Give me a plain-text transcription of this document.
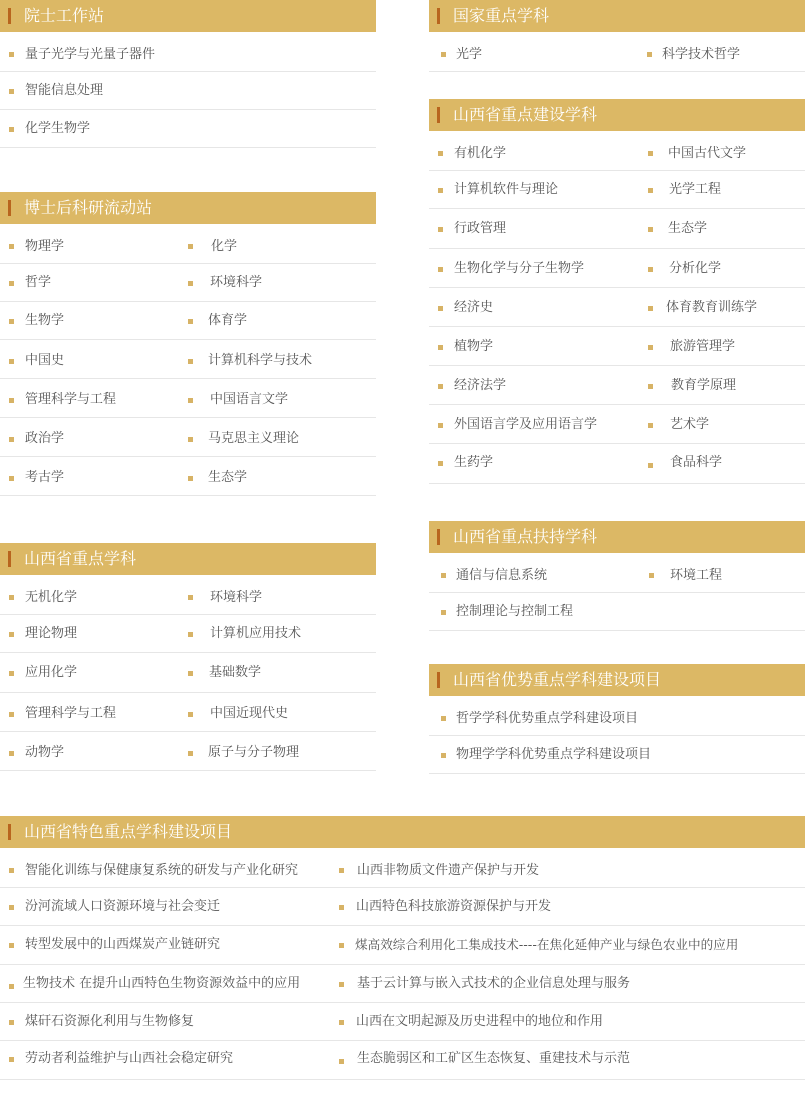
院士工作站
量子光学与光量子器件
智能信息处理
化学生物学
博士后科研流动站
物理学	化学
哲学	环境科学
生物学	体育学
中国史	计算机科学与技术
管理科学与工程	中国语言文学
政治学	马克思主义理论
考古学	生态学
山西省重点学科
无机化学	环境科学
理论物理	计算机应用技术
应用化学	基础数学
管理科学与工程	中国近现代史
动物学	原子与分子物理
国家重点学科
光学	科学技术哲学
山西省重点建设学科
有机化学	中国古代文学
计算机软件与理论	光学工程
行政管理	生态学
生物化学与分子生物学	分析化学
经济史	体育教育训练学
植物学	旅游管理学
经济法学	教育学原理
外国语言学及应用语言学	艺术学
生药学	食品科学
山西省重点扶持学科
通信与信息系统	环境工程
控制理论与控制工程
山西省优势重点学科建设项目
哲学学科优势重点学科建设项目
物理学学科优势重点学科建设项目
山西省特色重点学科建设项目
智能化训练与保健康复系统的研发与产业化研究	山西非物质文件遗产保护与开发
汾河流域人口资源环境与社会变迁	山西特色科技旅游资源保护与开发
转型发展中的山西煤炭产业链研究	煤高效综合利用化工集成技术----在焦化延伸产业与绿色农业中的应用
生物技术 在提升山西特色生物资源效益中的应用	基于云计算与嵌入式技术的企业信息处理与服务
煤矸石资源化利用与生物修复	山西在文明起源及历史进程中的地位和作用
劳动者利益维护与山西社会稳定研究	生态脆弱区和工矿区生态恢复、重建技术与示范
